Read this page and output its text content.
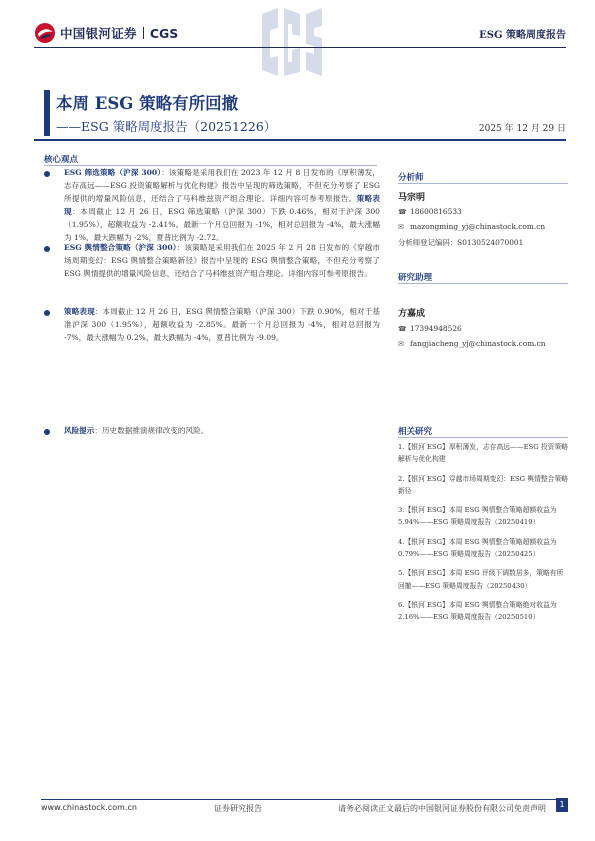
中国银河证券 CGS	ESG 策略周度报告
本周 ESG 策略有所回撤
——ESG 策略周度报告（20251226）	2025 年 12 月 29 日
核心观点
ESG 筛选策略（沪深 300）：该策略是采用我们在 2023 年 12 月 8 日发布的《厚积薄发，志存高远——ESG 投资策略解析与优化构建》报告中呈现的筛选策略，不但充分考察了 ESG 所提供的增量风险信息，还结合了马科维兹资产组合理论。详细内容可参考原报告。策略表现：本周截止 12 月 26 日，ESG 筛选策略（沪深 300）下跌 0.46%，相对于沪深 300（1.95%），超额收益为 -2.41%。最新一个月总回报为 -1%，相对总回报为 -4%，最大涨幅为 1%，最大跌幅为 -2%，夏普比例为 -2.72。
ESG 舆情整合策略（沪深 300）：该策略是采用我们在 2025 年 2 月 28 日发布的《穿越市场周期变幻：ESG 舆情整合策略新径》报告中呈现的 ESG 舆情整合策略，不但充分考察了 ESG 舆情提供的增量风险信息，还结合了马科维兹资产组合理论。详细内容可参考原报告。
策略表现：本周截止 12 月 26 日，ESG 舆情整合策略（沪深 300）下跌 0.90%，相对于基准沪深 300（1.95%），超额收益为 -2.85%。最新一个月总回报为 -4%，相对总回报为 -7%，最大涨幅为 0.2%，最大跌幅为 -4%，夏普比例为 -9.09。
风险提示：历史数据推演规律改变的风险。
分析师
马宗明
☎ 18600816533
✉ mazongming_yj@chinastock.com.cn
分析师登记编码：S0130524070001
研究助理
方嘉成
☎ 17394948526
✉ fangjiacheng_yj@chinastock.com.cn
相关研究
1.【银河 ESG】厚积薄发，志存高远——ESG 投资策略解析与优化构建
2.【银河 ESG】穿越市场周期变幻：ESG 舆情整合策略新径
3.【银河 ESG】本周 ESG 舆情整合策略超额收益为 5.94%——ESG 策略周度报告（20250419）
4.【银河 ESG】本周 ESG 舆情整合策略超额收益为 0.79%——ESG 策略周度报告（20250425）
5.【银河 ESG】本周 ESG 评级下调数居多，策略有所回撤——ESG 策略周度报告（20250430）
6.【银河 ESG】本周 ESG 舆情整合策略绝对收益为 2.16%——ESG 策略周度报告（20250510）
www.chinastock.com.cn	证券研究报告	请务必阅读正文最后的中国银河证券股份有限公司免责声明	1
